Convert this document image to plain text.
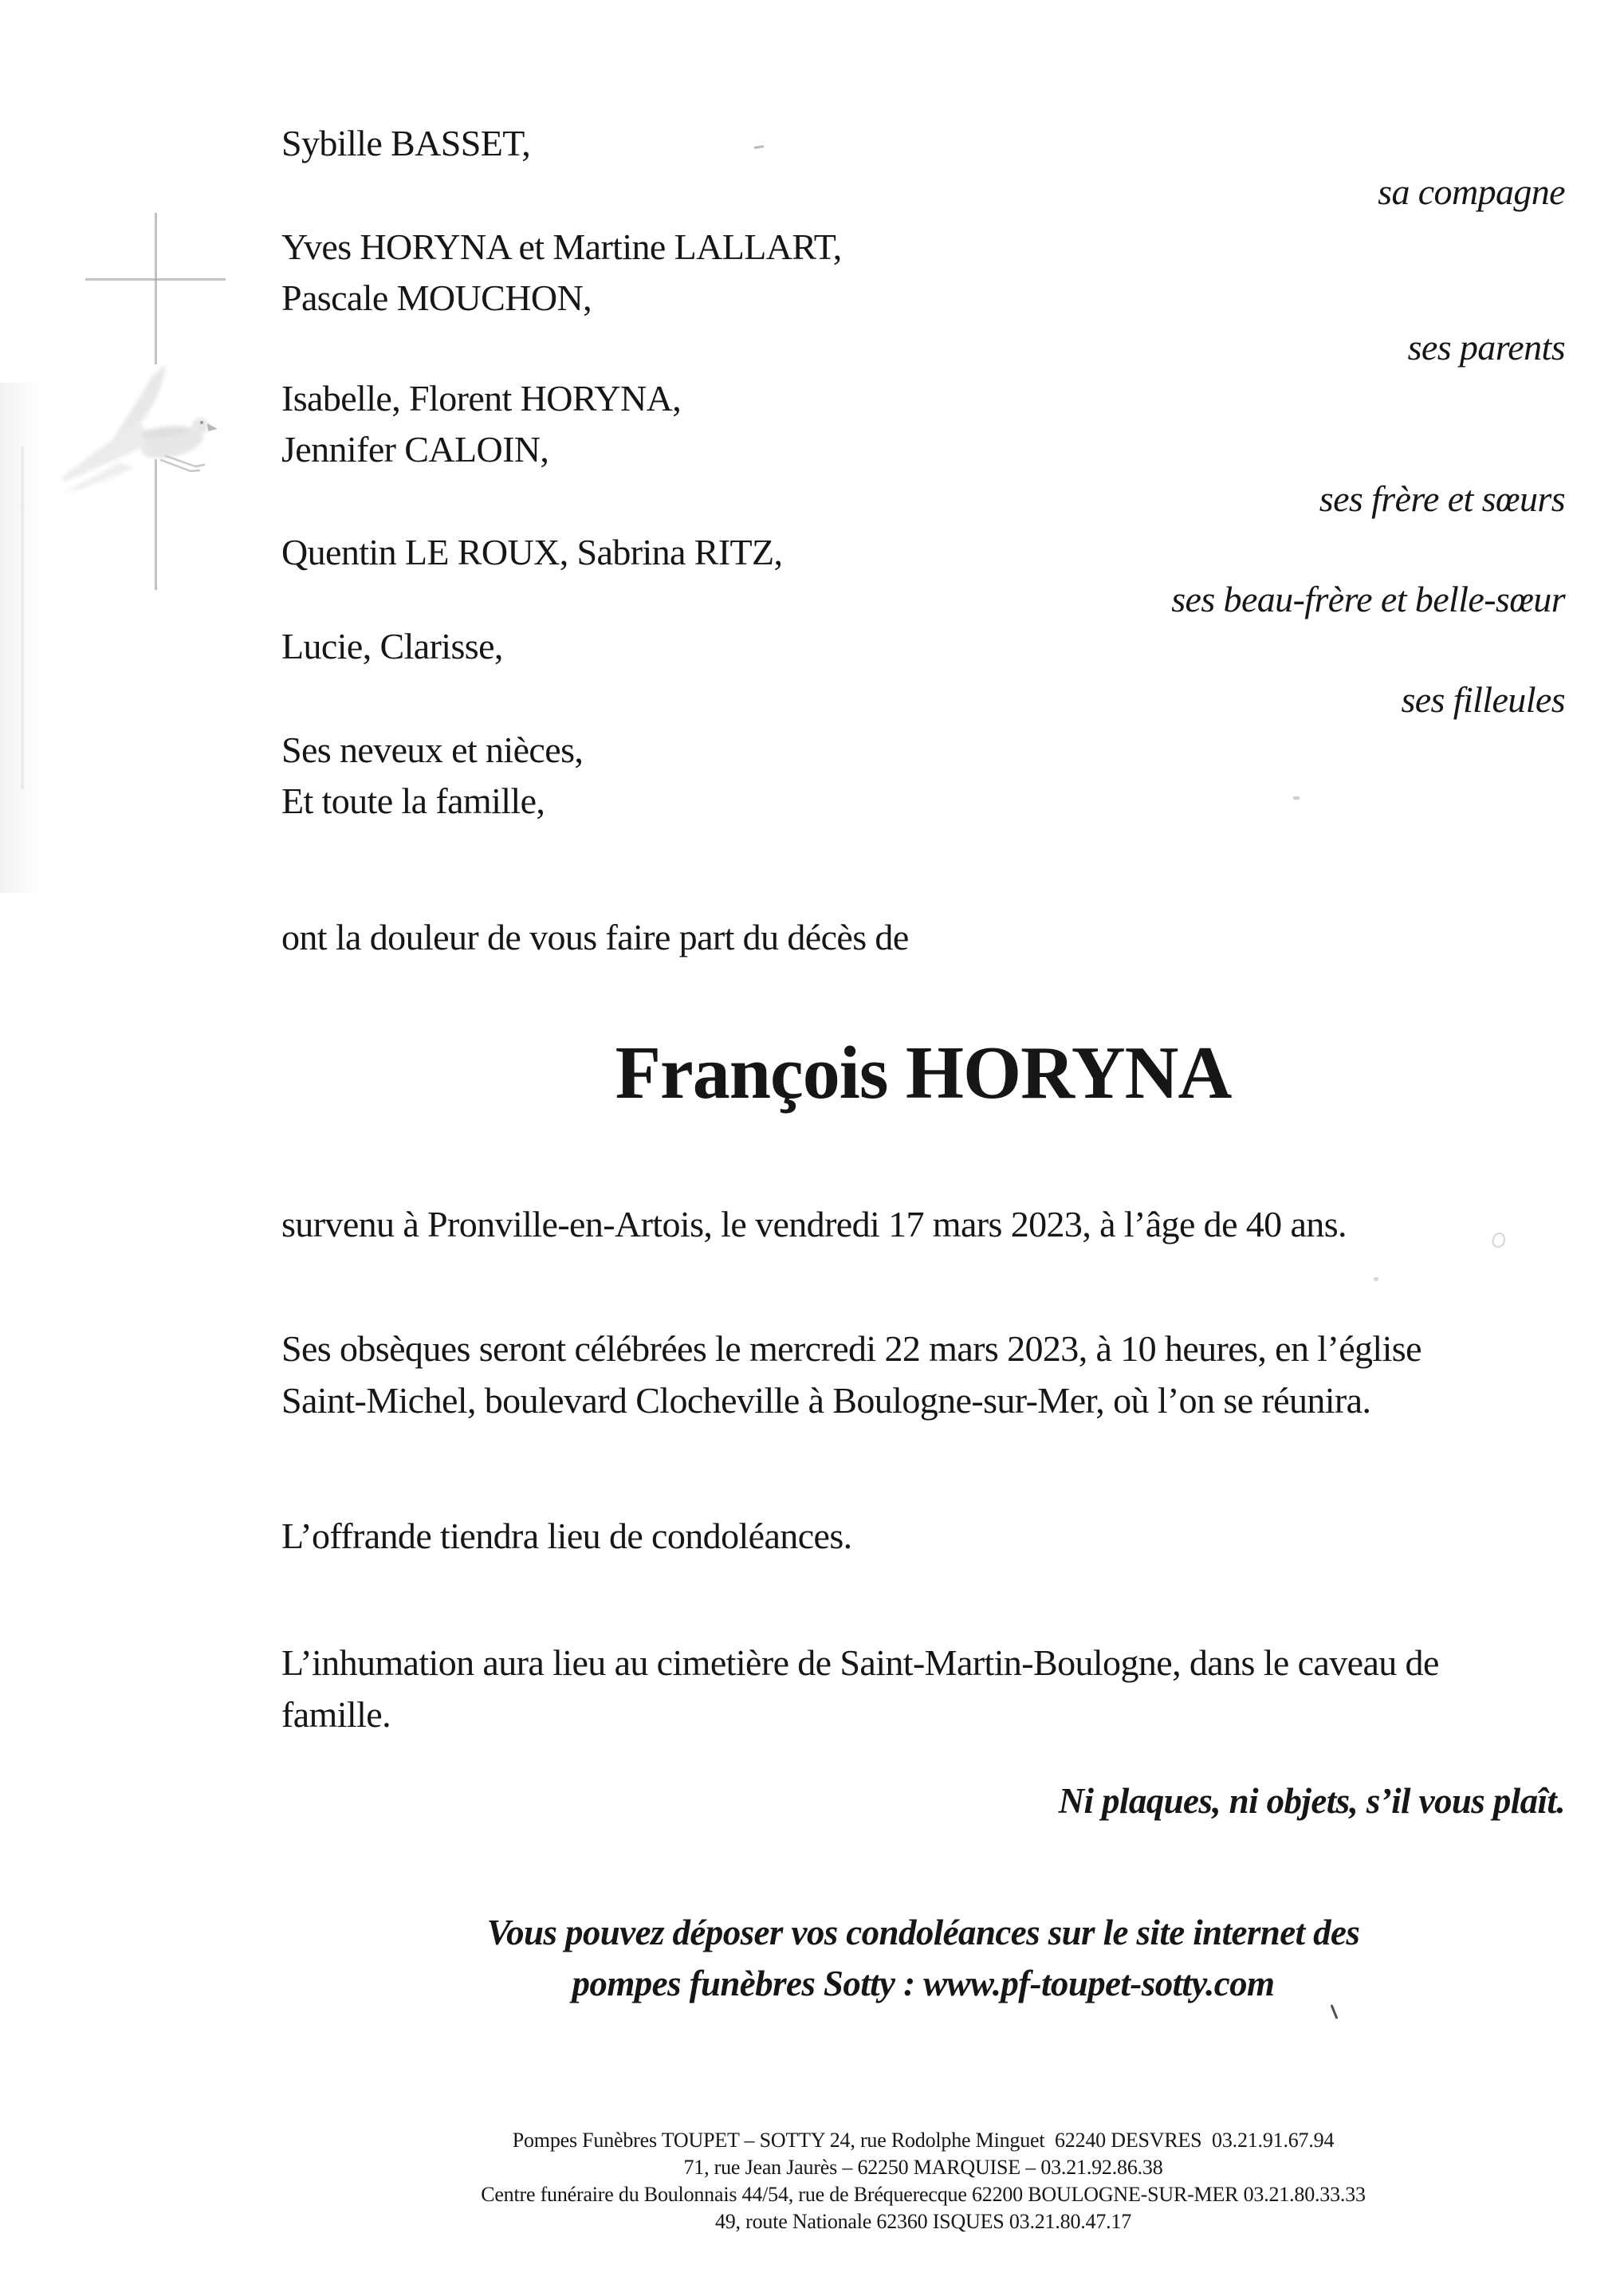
Sybille BASSET,
sa compagne
Yves HORYNA et Martine LALLART,
Pascale MOUCHON,
ses parents
Isabelle, Florent HORYNA,
Jennifer CALOIN,
ses frère et sœurs
Quentin LE ROUX, Sabrina RITZ,
ses beau-frère et belle-sœur
Lucie, Clarisse,
ses filleules
Ses neveux et nièces,
Et toute la famille,
ont la douleur de vous faire part du décès de
François HORYNA
survenu à Pronville-en-Artois, le vendredi 17 mars 2023, à l’âge de 40 ans.
Ses obsèques seront célébrées le mercredi 22 mars 2023, à 10 heures, en l’église
Saint-Michel, boulevard Clocheville à Boulogne-sur-Mer, où l’on se réunira.
L’offrande tiendra lieu de condoléances.
L’inhumation aura lieu au cimetière de Saint-Martin-Boulogne, dans le caveau de
famille.
Ni plaques, ni objets, s’il vous plaît.
Vous pouvez déposer vos condoléances sur le site internet des
pompes funèbres Sotty : www.pf-toupet-sotty.com
Pompes Funèbres TOUPET – SOTTY 24, rue Rodolphe Minguet  62240 DESVRES  03.21.91.67.94
71, rue Jean Jaurès – 62250 MARQUISE – 03.21.92.86.38
Centre funéraire du Boulonnais 44/54, rue de Bréquerecque 62200 BOULOGNE-SUR-MER 03.21.80.33.33
49, route Nationale 62360 ISQUES 03.21.80.47.17
